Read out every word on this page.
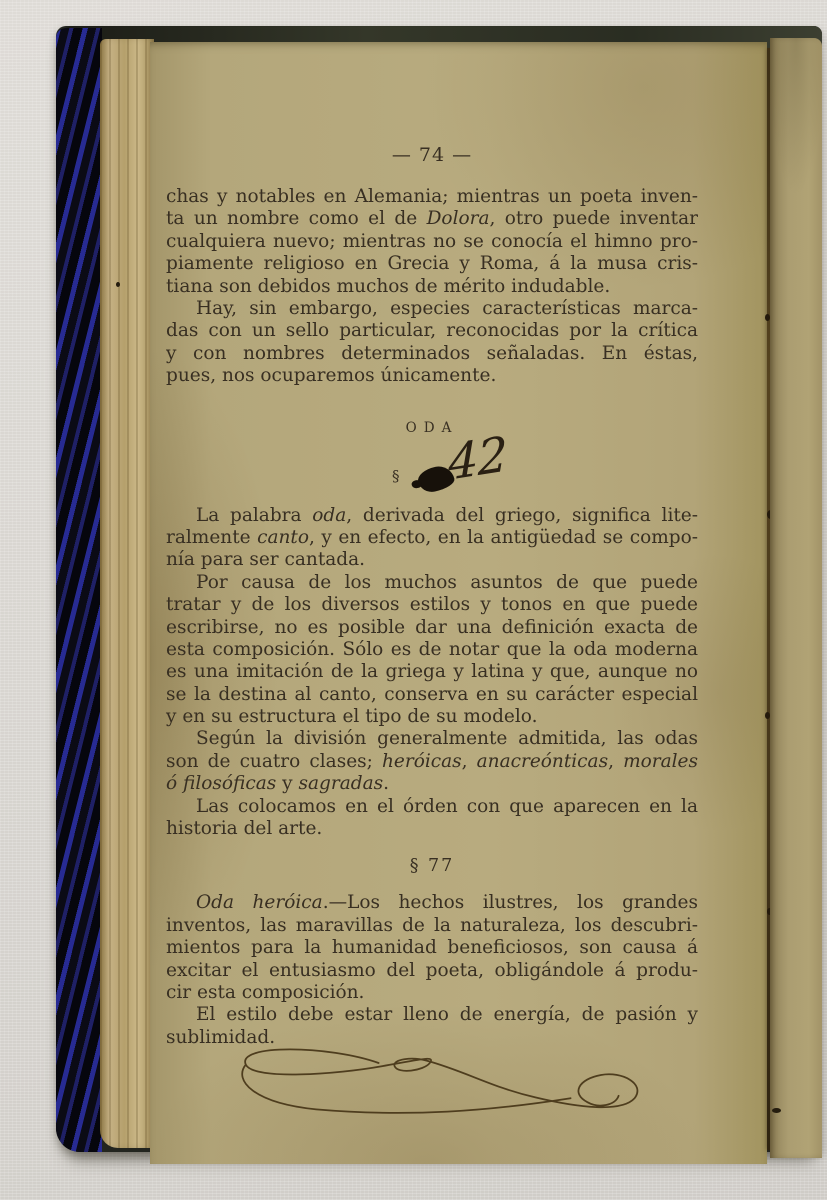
— 74 —
chas y notables en Alemania; mientras un poeta inven-
ta un nombre como el de Dolora, otro puede inventar
cualquiera nuevo; mientras no se conocía el himno pro-
piamente religioso en Grecia y Roma, á la musa cris-
tiana son debidos muchos de mérito indudable.
Hay, sin embargo, especies características marca-
das con un sello particular, reconocidas por la crítica
y con nombres determinados señaladas. En éstas,
pues, nos ocuparemos únicamente.
ODA
§ 42
La palabra oda, derivada del griego, significa lite-
ralmente canto, y en efecto, en la antigüedad se compo-
nía para ser cantada.
Por causa de los muchos asuntos de que puede
tratar y de los diversos estilos y tonos en que puede
escribirse, no es posible dar una definición exacta de
esta composición. Sólo es de notar que la oda moderna
es una imitación de la griega y latina y que, aunque no
se la destina al canto, conserva en su carácter especial
y en su estructura el tipo de su modelo.
Según la división generalmente admitida, las odas
son de cuatro clases; heróicas, anacreónticas, morales
ó filosóficas y sagradas.
Las colocamos en el órden con que aparecen en la
historia del arte.
§ 77
Oda heróica.—Los hechos ilustres, los grandes
inventos, las maravillas de la naturaleza, los descubri-
mientos para la humanidad beneficiosos, son causa á
excitar el entusiasmo del poeta, obligándole á produ-
cir esta composición.
El estilo debe estar lleno de energía, de pasión y
sublimidad.
